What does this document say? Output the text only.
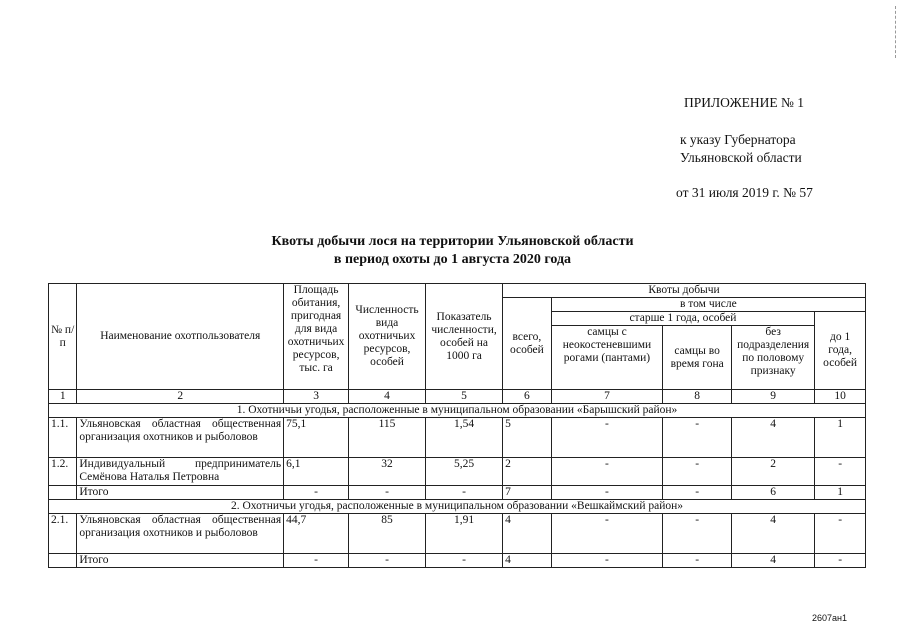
ПРИЛОЖЕНИЕ № 1
к указу Губернатора
Ульяновской области
от 31 июля 2019 г. № 57
Квоты добычи лося на территории Ульяновской области
в период охоты до 1 августа 2020 года
№ п/п	Наименование охотпользователя	Площадь обитания, пригодная для вида охотничьих ресурсов, тыс. га	Численность вида охотничьих ресурсов, особей	Показатель численности, особей на 1000 га	Квоты добычи				
					всего, особей	в том числе			
						старше 1 года, особей			до 1 года, особей
						самцы с неокостеневшими рогами (пантами)	самцы во время гона	без подразделения по половому признаку	
1	2	3	4	5	6	7	8	9	10
1. Охотничьи угодья, расположенные в муниципальном образовании «Барышский район»									
1.1.	Ульяновская областная общественная организация охотников и рыболовов	75,1	115	1,54	5	-	-	4	1
1.2.	Индивидуальный предприниматель Семёнова Наталья Петровна	6,1	32	5,25	2	-	-	2	-
	Итого	-	-	-	7	-	-	6	1
2. Охотничьи угодья, расположенные в муниципальном образовании «Вешкаймский район»									
2.1.	Ульяновская областная общественная организация охотников и рыболовов	44,7	85	1,91	4	-	-	4	-
	Итого	-	-	-	4	-	-	4	-
2607ан1
